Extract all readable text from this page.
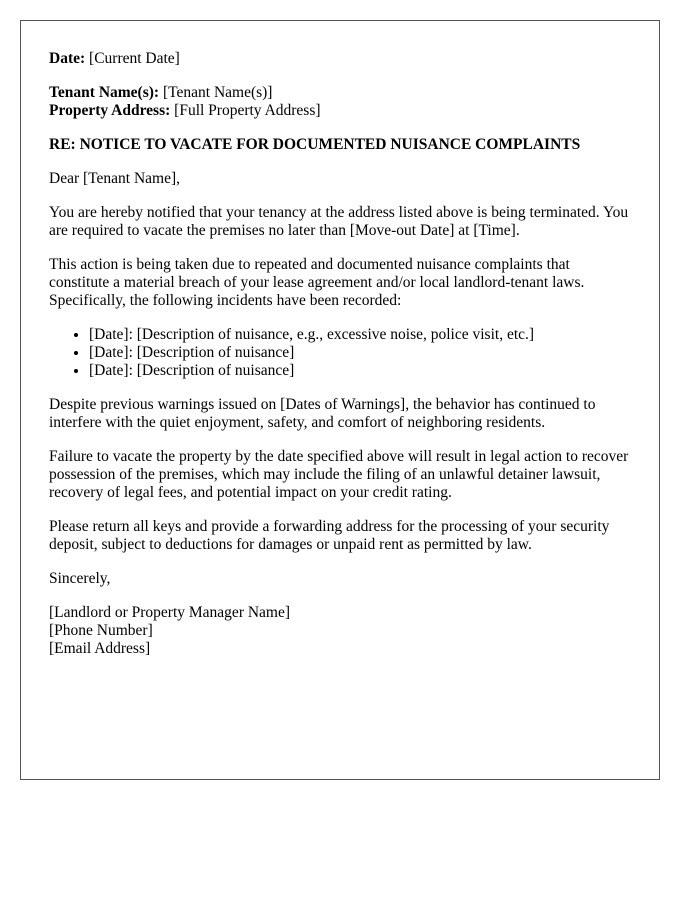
Date: [Current Date]
Tenant Name(s): [Tenant Name(s)]
Property Address: [Full Property Address]
RE: NOTICE TO VACATE FOR DOCUMENTED NUISANCE COMPLAINTS

Dear [Tenant Name],

You are hereby notified that your tenancy at the address listed above is being terminated. You are required to vacate the premises no later than [Move-out Date] at [Time].

This action is being taken due to repeated and documented nuisance complaints that constitute a material breach of your lease agreement and/or local landlord-tenant laws. Specifically, the following incidents have been recorded:

• [Date]: [Description of nuisance, e.g., excessive noise, police visit, etc.]
• [Date]: [Description of nuisance]
• [Date]: [Description of nuisance]

Despite previous warnings issued on [Dates of Warnings], the behavior has continued to interfere with the quiet enjoyment, safety, and comfort of neighboring residents.

Failure to vacate the property by the date specified above will result in legal action to recover possession of the premises, which may include the filing of an unlawful detainer lawsuit, recovery of legal fees, and potential impact on your credit rating.

Please return all keys and provide a forwarding address for the processing of your security deposit, subject to deductions for damages or unpaid rent as permitted by law.

Sincerely,

[Landlord or Property Manager Name]
[Phone Number]
[Email Address]
